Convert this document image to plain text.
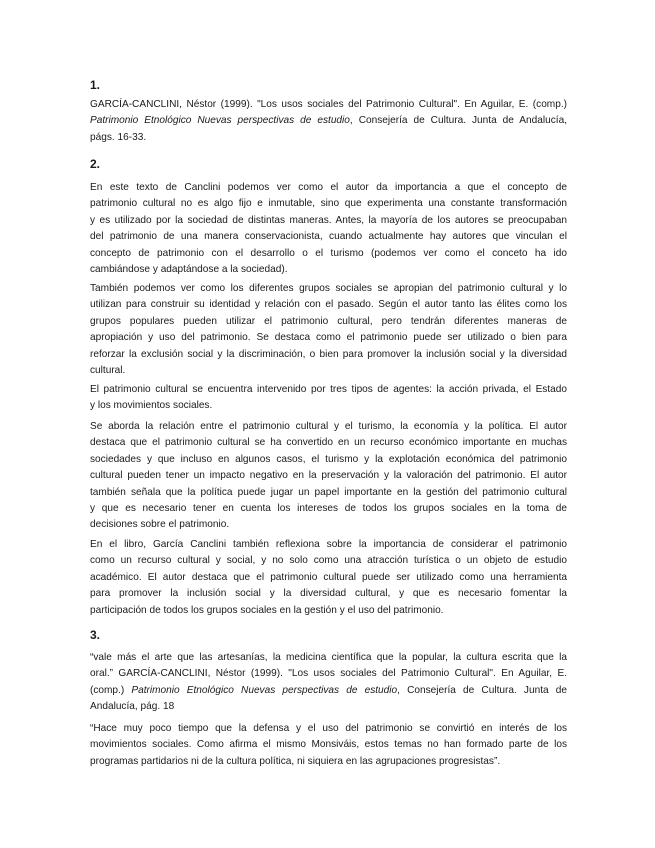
1.
GARCÍA-CANCLINI, Néstor (1999). "Los usos sociales del Patrimonio Cultural". En Aguilar, E. (comp.)
Patrimonio Etnológico Nuevas perspectivas de estudio, Consejería de Cultura. Junta de Andalucía,
págs. 16-33.
2.
En este texto de Canclini podemos ver como el autor da importancia a que el concepto de
patrimonio cultural no es algo fijo e inmutable, sino que experimenta una constante transformación
y es utilizado por la sociedad de distintas maneras. Antes, la mayoría de los autores se preocupaban
del patrimonio de una manera conservacionista, cuando actualmente hay autores que vinculan el
concepto de patrimonio con el desarrollo o el turismo (podemos ver como el conceto ha ido
cambiándose y adaptándose a la sociedad).
También podemos ver como los diferentes grupos sociales se apropian del patrimonio cultural y lo
utilizan para construir su identidad y relación con el pasado. Según el autor tanto las élites como los
grupos populares pueden utilizar el patrimonio cultural, pero tendrán diferentes maneras de
apropiación y uso del patrimonio. Se destaca como el patrimonio puede ser utilizado o bien para
reforzar la exclusión social y la discriminación, o bien para promover la inclusión social y la diversidad
cultural.
El patrimonio cultural se encuentra intervenido por tres tipos de agentes: la acción privada, el Estado
y los movimientos sociales.
Se aborda la relación entre el patrimonio cultural y el turismo, la economía y la política. El autor
destaca que el patrimonio cultural se ha convertido en un recurso económico importante en muchas
sociedades y que incluso en algunos casos, el turismo y la explotación económica del patrimonio
cultural pueden tener un impacto negativo en la preservación y la valoración del patrimonio. El autor
también señala que la política puede jugar un papel importante en la gestión del patrimonio cultural
y que es necesario tener en cuenta los intereses de todos los grupos sociales en la toma de
decisiones sobre el patrimonio.
En el libro, García Canclini también reflexiona sobre la importancia de considerar el patrimonio
como un recurso cultural y social, y no solo como una atracción turística o un objeto de estudio
académico. El autor destaca que el patrimonio cultural puede ser utilizado como una herramienta
para promover la inclusión social y la diversidad cultural, y que es necesario fomentar la
participación de todos los grupos sociales en la gestión y el uso del patrimonio.
3.
“vale más el arte que las artesanías, la medicina científica que la popular, la cultura escrita que la
oral.” GARCÍA-CANCLINI, Néstor (1999). "Los usos sociales del Patrimonio Cultural". En Aguilar, E.
(comp.) Patrimonio Etnológico Nuevas perspectivas de estudio, Consejería de Cultura. Junta de
Andalucía, pág. 18
“Hace muy poco tiempo que la defensa y el uso del patrimonio se convirtió en interés de los
movimientos sociales. Como afirma el mismo Monsiváis, estos temas no han formado parte de los
programas partidarios ni de la cultura política, ni siquiera en las agrupaciones progresistas”.
